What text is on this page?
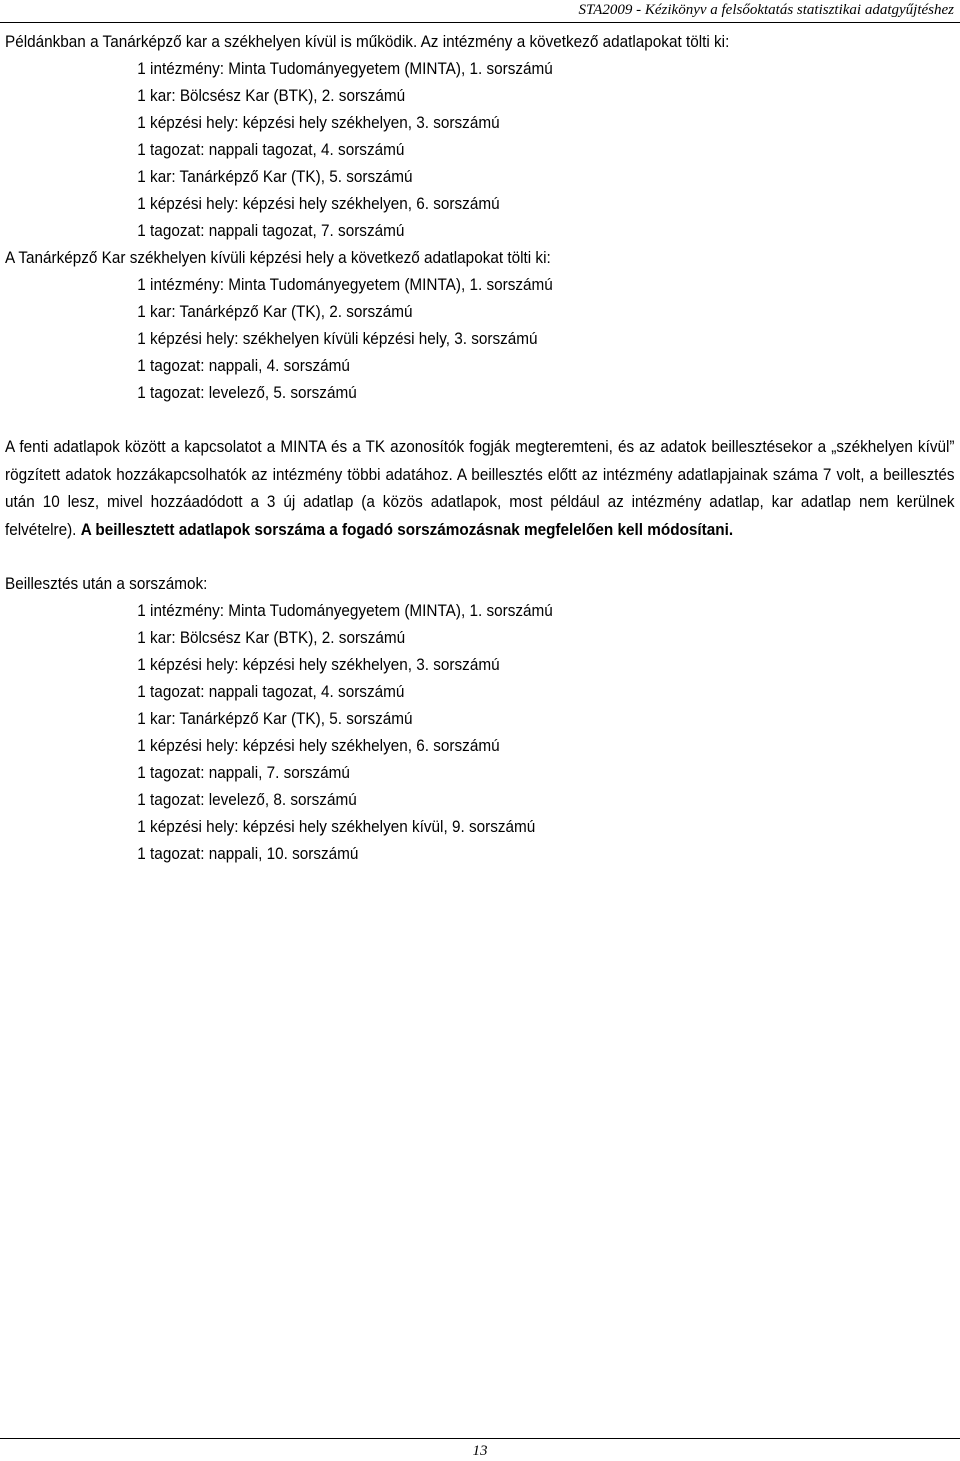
STA2009 - Kézikönyv a felsőoktatás statisztikai adatgyűjtéshez
Példánkban a Tanárképző kar a székhelyen kívül is működik. Az intézmény a következő adatlapokat tölti ki:
1 intézmény: Minta Tudományegyetem (MINTA), 1. sorszámú
1 kar: Bölcsész Kar (BTK), 2. sorszámú
1 képzési hely: képzési hely székhelyen, 3. sorszámú
1 tagozat: nappali tagozat, 4. sorszámú
1 kar: Tanárképző Kar (TK), 5. sorszámú
1 képzési hely: képzési hely székhelyen, 6. sorszámú
1 tagozat: nappali tagozat, 7. sorszámú
A Tanárképző Kar székhelyen kívüli képzési hely a következő adatlapokat tölti ki:
1 intézmény: Minta Tudományegyetem (MINTA), 1. sorszámú
1 kar: Tanárképző Kar (TK), 2. sorszámú
1 képzési hely: székhelyen kívüli képzési hely, 3. sorszámú
1 tagozat: nappali, 4. sorszámú
1 tagozat: levelező, 5. sorszámú
A fenti adatlapok között a kapcsolatot a MINTA és a TK azonosítók fogják megteremteni, és az adatok beillesztésekor a „székhelyen kívül” rögzített adatok hozzákapcsolhatók az intézmény többi adatához. A beillesztés előtt az intézmény adatlapjainak száma 7 volt, a beillesztés után 10 lesz, mivel hozzáadódott a 3 új adatlap (a közös adatlapok, most például az intézmény adatlap, kar adatlap nem kerülnek felvételre). A beillesztett adatlapok sorszáma a fogadó sorszámozásnak megfelelően kell módosítani.
Beillesztés után a sorszámok:
1 intézmény: Minta Tudományegyetem (MINTA), 1. sorszámú
1 kar: Bölcsész Kar (BTK), 2. sorszámú
1 képzési hely: képzési hely székhelyen, 3. sorszámú
1 tagozat: nappali tagozat, 4. sorszámú
1 kar: Tanárképző Kar (TK), 5. sorszámú
1 képzési hely: képzési hely székhelyen, 6. sorszámú
1 tagozat: nappali, 7. sorszámú
1 tagozat: levelező, 8. sorszámú
1 képzési hely: képzési hely székhelyen kívül, 9. sorszámú
1 tagozat: nappali, 10. sorszámú
13
